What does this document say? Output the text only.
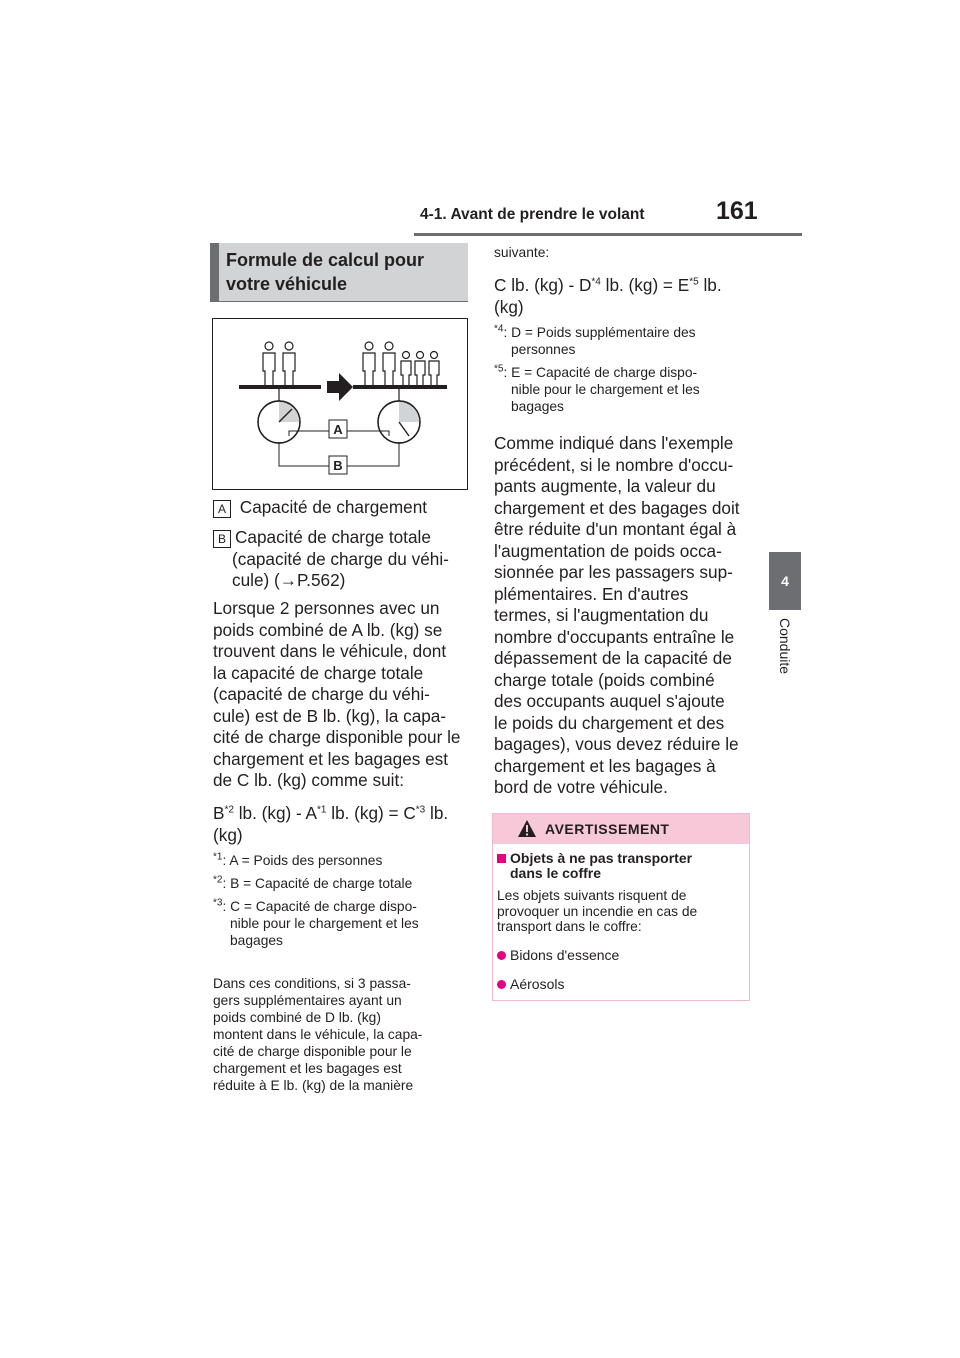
4-1. Avant de prendre le volant	161
4
Conduite
Formule de calcul pour
votre véhicule
A
B
A Capacité de chargement
B Capacité de charge totale
(capacité de charge du véhi-
cule) (→P.562)
Lorsque 2 personnes avec un
poids combiné de A lb. (kg) se
trouvent dans le véhicule, dont
la capacité de charge totale
(capacité de charge du véhi-
cule) est de B lb. (kg), la capa-
cité de charge disponible pour le
chargement et les bagages est
de C lb. (kg) comme suit:
$B^{*2}$ lb. $(kg) - A^{*1}$ lb. $(kg) = C^{*3}$ lb.
(kg)
$^{*1}$: A = Poids des personnes
$^{*2}$: B = Capacité de charge totale
$^{*3}$: C = Capacité de charge dispo-
nible pour le chargement et les
bagages
Dans ces conditions, si 3 passa-
gers supplémentaires ayant un
poids combiné de D lb. (kg)
montent dans le véhicule, la capa-
cité de charge disponible pour le
chargement et les bagages est
réduite à E lb. (kg) de la manière
suivante:
C lb. $(kg) - D^{*4}$ lb. $(kg) = E^{*5}$ lb.
(kg)
$^{*4}$: D = Poids supplémentaire des
personnes
$^{*5}$: E = Capacité de charge dispo-
nible pour le chargement et les
bagages
Comme indiqué dans l'exemple
précédent, si le nombre d'occu-
pants augmente, la valeur du
chargement et des bagages doit
être réduite d'un montant égal à
l'augmentation de poids occa-
sionnée par les passagers sup-
plémentaires. En d'autres
termes, si l'augmentation du
nombre d'occupants entraîne le
dépassement de la capacité de
charge totale (poids combiné
des occupants auquel s'ajoute
le poids du chargement et des
bagages), vous devez réduire le
chargement et les bagages à
bord de votre véhicule.
AVERTISSEMENT
Objets à ne pas transporter
dans le coffre
Les objets suivants risquent de
provoquer un incendie en cas de
transport dans le coffre:
Bidons d'essence
Aérosols
